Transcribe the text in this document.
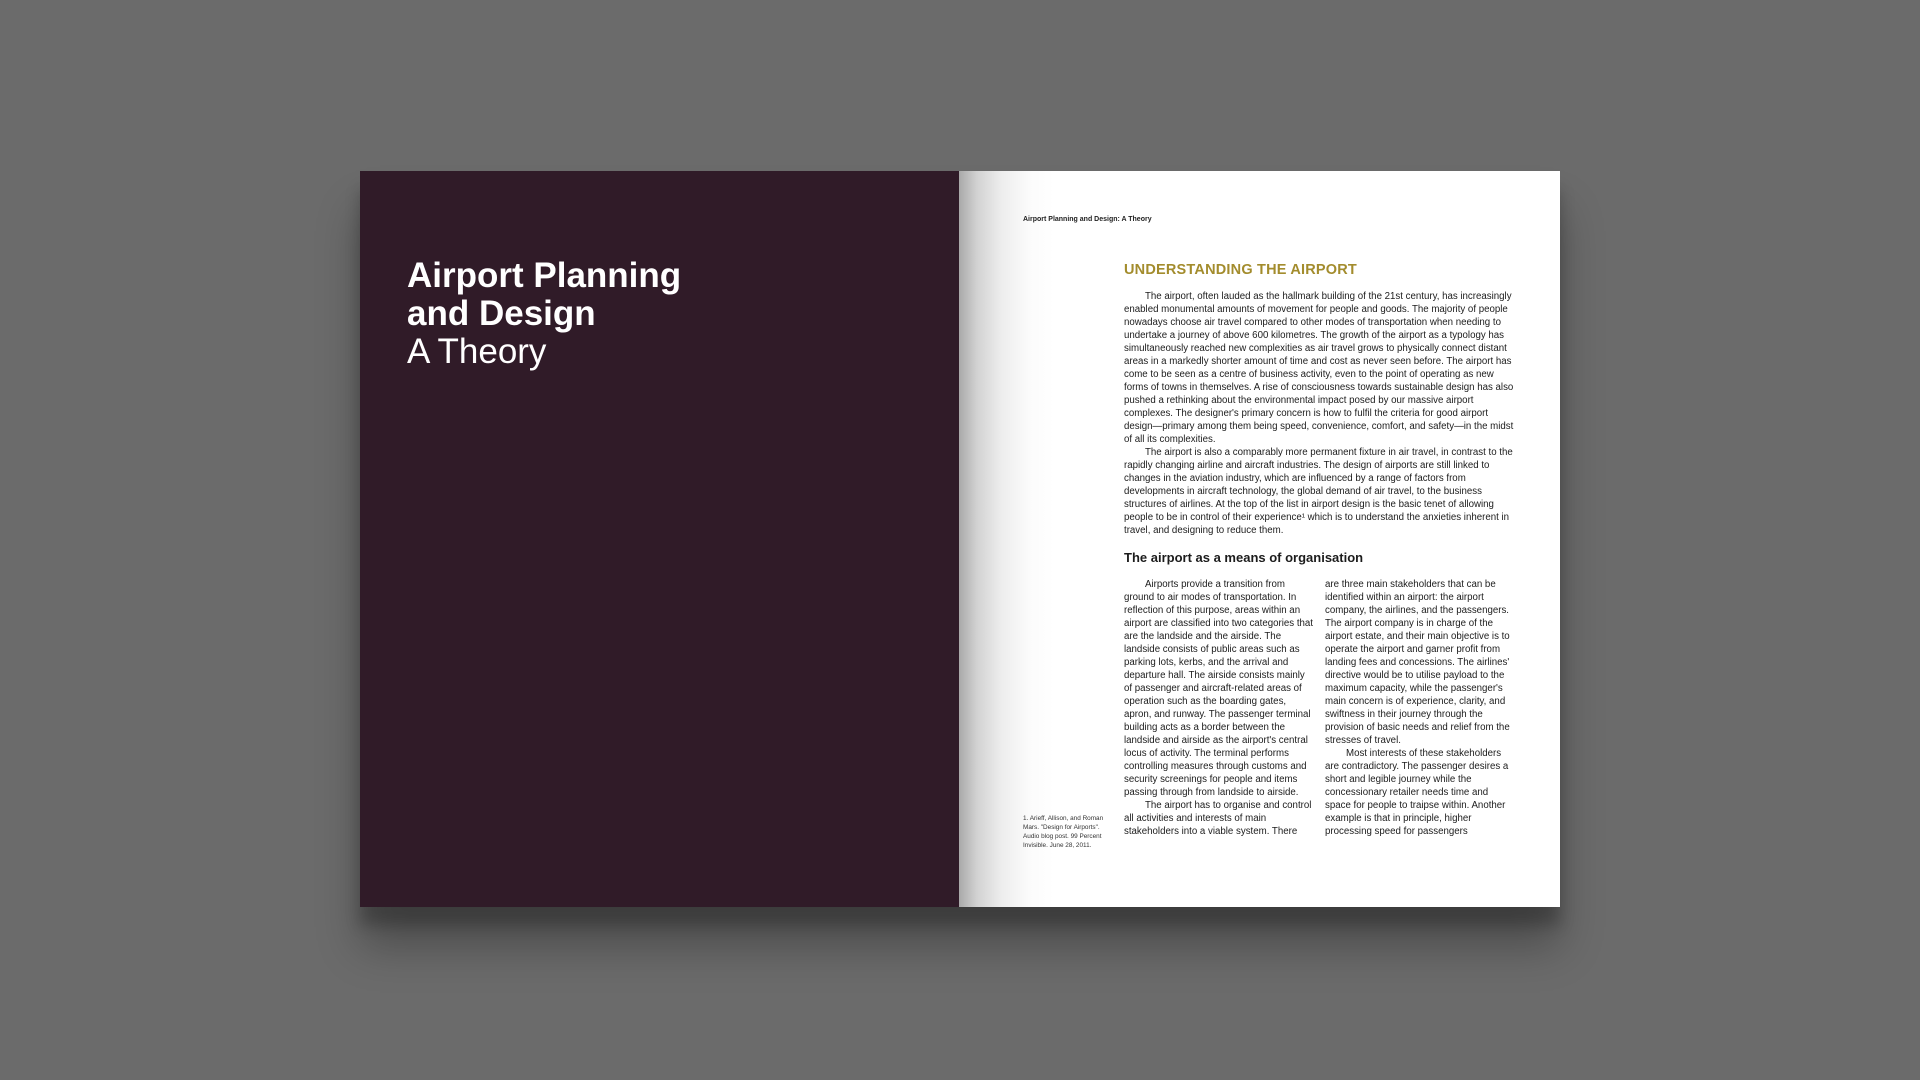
Airport Planning
and Design
A Theory
Airport Planning and Design: A Theory
UNDERSTANDING THE AIRPORT

The airport, often lauded as the hallmark building of the 21st century, has increasingly enabled monumental amounts of movement for people and goods. The majority of people nowadays choose air travel compared to other modes of transportation when needing to undertake a journey of above 600 kilometres. The growth of the airport as a typology has simultaneously reached new complexities as air travel grows to physically connect distant areas in a markedly shorter amount of time and cost as never seen before. The airport has come to be seen as a centre of business activity, even to the point of operating as new forms of towns in themselves. A rise of consciousness towards sustainable design has also pushed a rethinking about the environmental impact posed by our massive airport complexes. The designer's primary concern is how to fulfil the criteria for good airport design—primary among them being speed, convenience, comfort, and safety—in the midst of all its complexities.

The airport is also a comparably more permanent fixture in air travel, in contrast to the rapidly changing airline and aircraft industries. The design of airports are still linked to changes in the aviation industry, which are influenced by a range of factors from developments in aircraft technology, the global demand of air travel, to the business structures of airlines. At the top of the list in airport design is the basic tenet of allowing people to be in control of their experience¹ which is to understand the anxieties inherent in travel, and designing to reduce them.

The airport as a means of organisation

Airports provide a transition from ground to air modes of transportation. In reflection of this purpose, areas within an airport are classified into two categories that are the landside and the airside. The landside consists of public areas such as parking lots, kerbs, and the arrival and departure hall. The airside consists mainly of passenger and aircraft-related areas of operation such as the boarding gates, apron, and runway. The passenger terminal building acts as a border between the landside and airside as the airport's central locus of activity. The terminal performs controlling measures through customs and security screenings for people and items passing through from landside to airside.

The airport has to organise and control all activities and interests of main stakeholders into a viable system. There

are three main stakeholders that can be identified within an airport: the airport company, the airlines, and the passengers. The airport company is in charge of the airport estate, and their main objective is to operate the airport and garner profit from landing fees and concessions. The airlines' directive would be to utilise payload to the maximum capacity, while the passenger's main concern is of experience, clarity, and swiftness in their journey through the provision of basic needs and relief from the stresses of travel.

Most interests of these stakeholders are contradictory. The passenger desires a short and legible journey while the concessionary retailer needs time and space for people to traipse within. Another example is that in principle, higher processing speed for passengers

1. Arieff, Allison, and Roman Mars. "Design for Airports". Audio blog post. 99 Percent Invisible. June 28, 2011.
